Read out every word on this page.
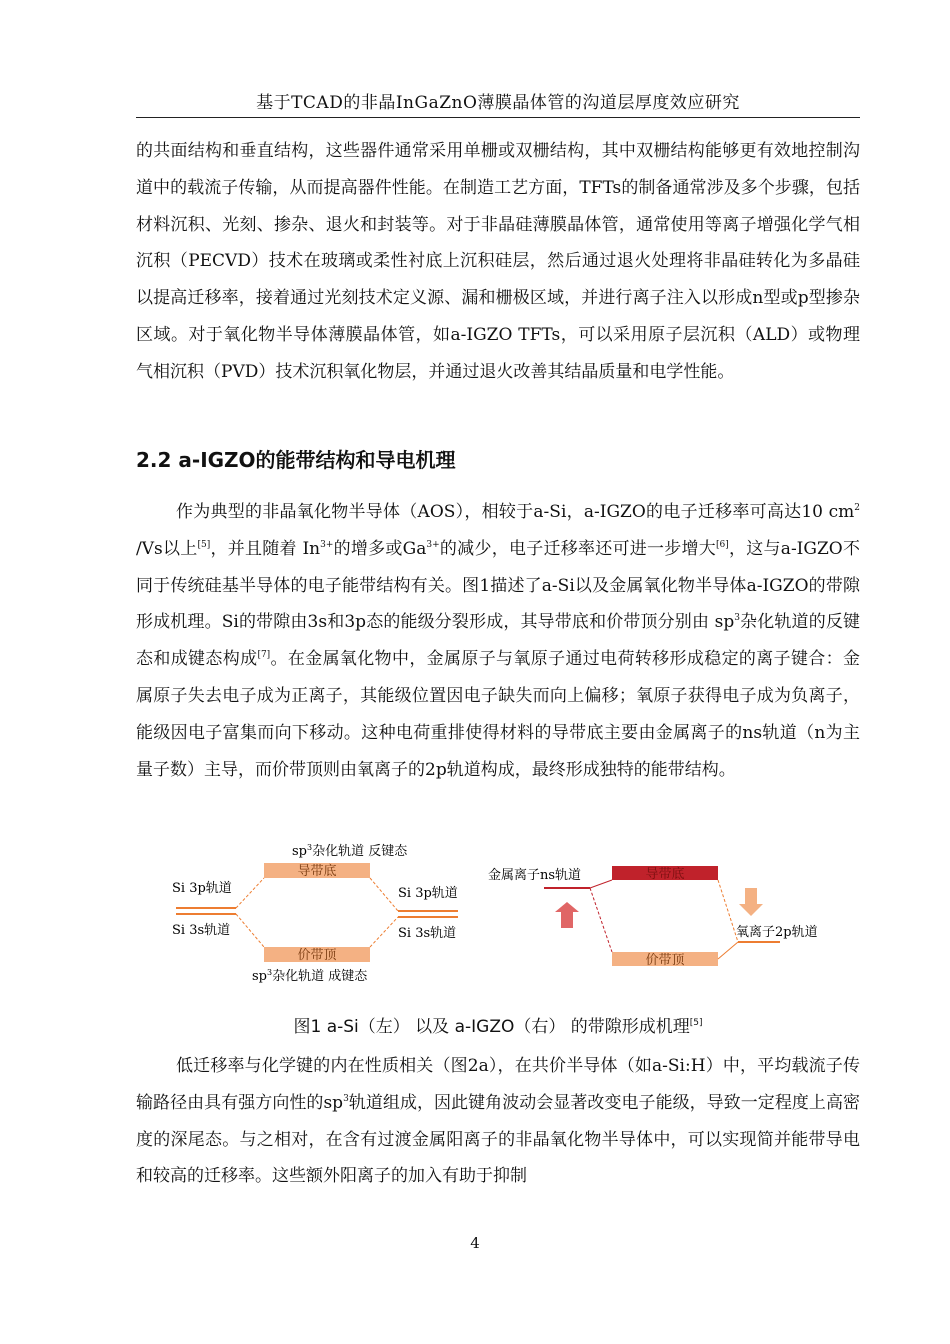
基于TCAD的非晶InGaZnO薄膜晶体管的沟道层厚度效应研究

的共面结构和垂直结构，这些器件通常采用单栅或双栅结构，其中双栅结构能够更有效地控制沟道中的载流子传输，从而提高器件性能。在制造工艺方面，TFTs的制备通常涉及多个步骤，包括材料沉积、光刻、掺杂、退火和封装等。对于非晶硅薄膜晶体管，通常使用等离子增强化学气相沉积（PECVD）技术在玻璃或柔性衬底上沉积硅层，然后通过退火处理将非晶硅转化为多晶硅以提高迁移率，接着通过光刻技术定义源、漏和栅极区域，并进行离子注入以形成n型或p型掺杂区域。对于氧化物半导体薄膜晶体管，如a-IGZO TFTs，可以采用原子层沉积（ALD）或物理气相沉积（PVD）技术沉积氧化物层，并通过退火改善其结晶质量和电学性能。

2.2 a-IGZO的能带结构和导电机理

作为典型的非晶氧化物半导体（AOS），相较于a-Si，a-IGZO的电子迁移率可高达10 $cm^2$ /Vs以上[5]，并且随着 $In^{3+}$的增多或$Ga^{3+}$的减少，电子迁移率还可进一步增大[6]，这与a-IGZO不同于传统硅基半导体的电子能带结构有关。图1描述了a-Si以及金属氧化物半导体a-IGZO的带隙形成机理。Si的带隙由3s和3p态的能级分裂形成，其导带底和价带顶分别由 $sp^3$杂化轨道的反键态和成键态构成[7]。在金属氧化物中，金属原子与氧原子通过电荷转移形成稳定的离子键合：金属原子失去电子成为正离子，其能级位置因电子缺失而向上偏移；氧原子获得电子成为负离子，能级因电子富集而向下移动。这种电荷重排使得材料的导带底主要由金属离子的ns轨道（n为主量子数）主导，而价带顶则由氧离子的2p轨道构成，最终形成独特的能带结构。

$sp^3$杂化轨道 反键态
导带底
价带顶
$sp^3$杂化轨道 成键态
Si 3p轨道
Si 3s轨道
Si 3p轨道
Si 3s轨道
金属离子ns轨道	导带底
价带顶
氧离子2p轨道
图1 a-Si（左） 以及 a-IGZO（右） 的带隙形成机理[5]

低迁移率与化学键的内在性质相关（图2a），在共价半导体（如a-Si:H）中，平均载流子传输路径由具有强方向性的$sp^3$轨道组成，因此键角波动会显著改变电子能级，导致一定程度上高密度的深尾态。与之相对，在含有过渡金属阳离子的非晶氧化物半导体中，可以实现简并能带导电和较高的迁移率。这些额外阳离子的加入有助于抑制

4
